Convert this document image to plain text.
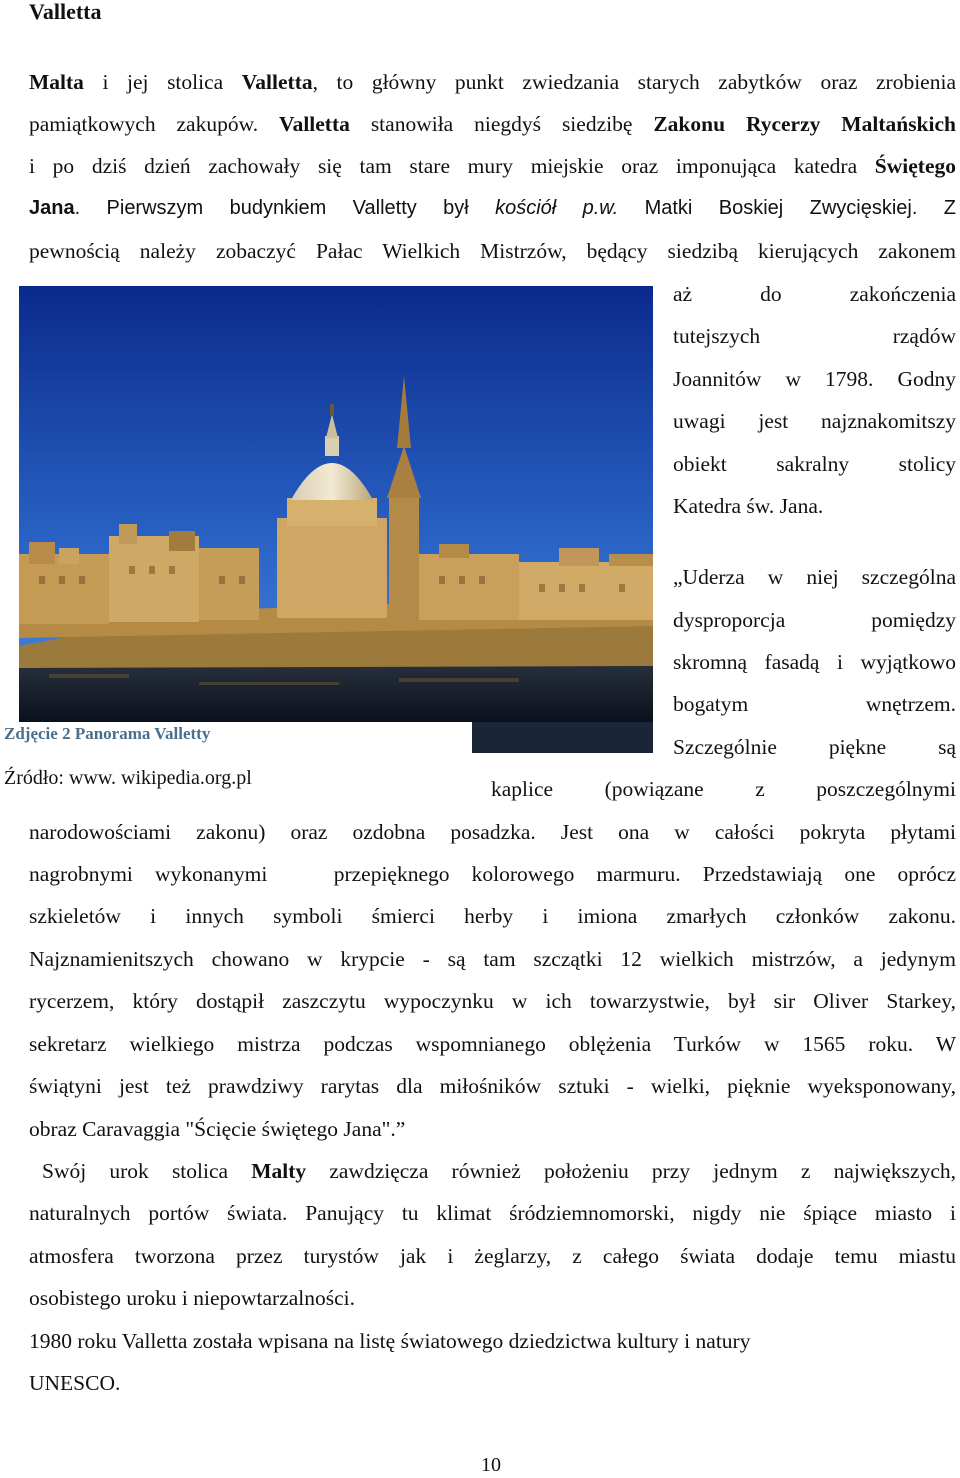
Valletta
Malta i jej stolica Valletta, to główny punkt zwiedzania starych zabytków oraz zrobienia
pamiątkowych zakupów. Valletta stanowiła niegdyś siedzibę Zakonu Rycerzy Maltańskich
i po dziś dzień zachowały się tam stare mury miejskie oraz imponująca katedra Świętego
Jana. Pierwszym budynkiem Valletty był kościół p.w. Matki Boskiej Zwycięskiej. Z
pewnością należy zobaczyć Pałac Wielkich Mistrzów, będący siedzibą kierujących zakonem
Zdjęcie 2 Panorama Valletty
Źródło: www. wikipedia.org.pl
aż do zakończenia
tutejszych rządów
Joannitów w 1798. Godny
uwagi jest najznakomitszy
obiekt sakralny stolicy
Katedra św. Jana.
„Uderza w niej szczególna
dysproporcja pomiędzy
skromną fasadą i wyjątkowo
bogatym wnętrzem.
Szczególnie piękne są
kaplice (powiązane z poszczególnymi
narodowościami zakonu) oraz ozdobna posadzka. Jest ona w całości pokryta płytami
nagrobnymi wykonanymi   przepięknego kolorowego marmuru. Przedstawiają one oprócz
szkieletów i innych symboli śmierci herby i imiona zmarłych członków zakonu.
Najznamienitszych chowano w krypcie - są tam szczątki 12 wielkich mistrzów, a jedynym
rycerzem, który dostąpił zaszczytu wypoczynku w ich towarzystwie, był sir Oliver Starkey,
sekretarz wielkiego mistrza podczas wspomnianego oblężenia Turków w 1565 roku. W
świątyni jest też prawdziwy rarytas dla miłośników sztuki - wielki, pięknie wyeksponowany,
obraz Caravaggia "Ścięcie świętego Jana".”
Swój urok stolica Malty zawdzięcza również położeniu przy jednym z największych,
naturalnych portów świata. Panujący tu klimat śródziemnomorski, nigdy nie śpiące miasto i
atmosfera tworzona przez turystów jak i żeglarzy, z całego świata dodaje temu miastu
osobistego uroku i niepowtarzalności.
1980 roku Valletta została wpisana na listę światowego dziedzictwa kultury i natury
UNESCO.
10
